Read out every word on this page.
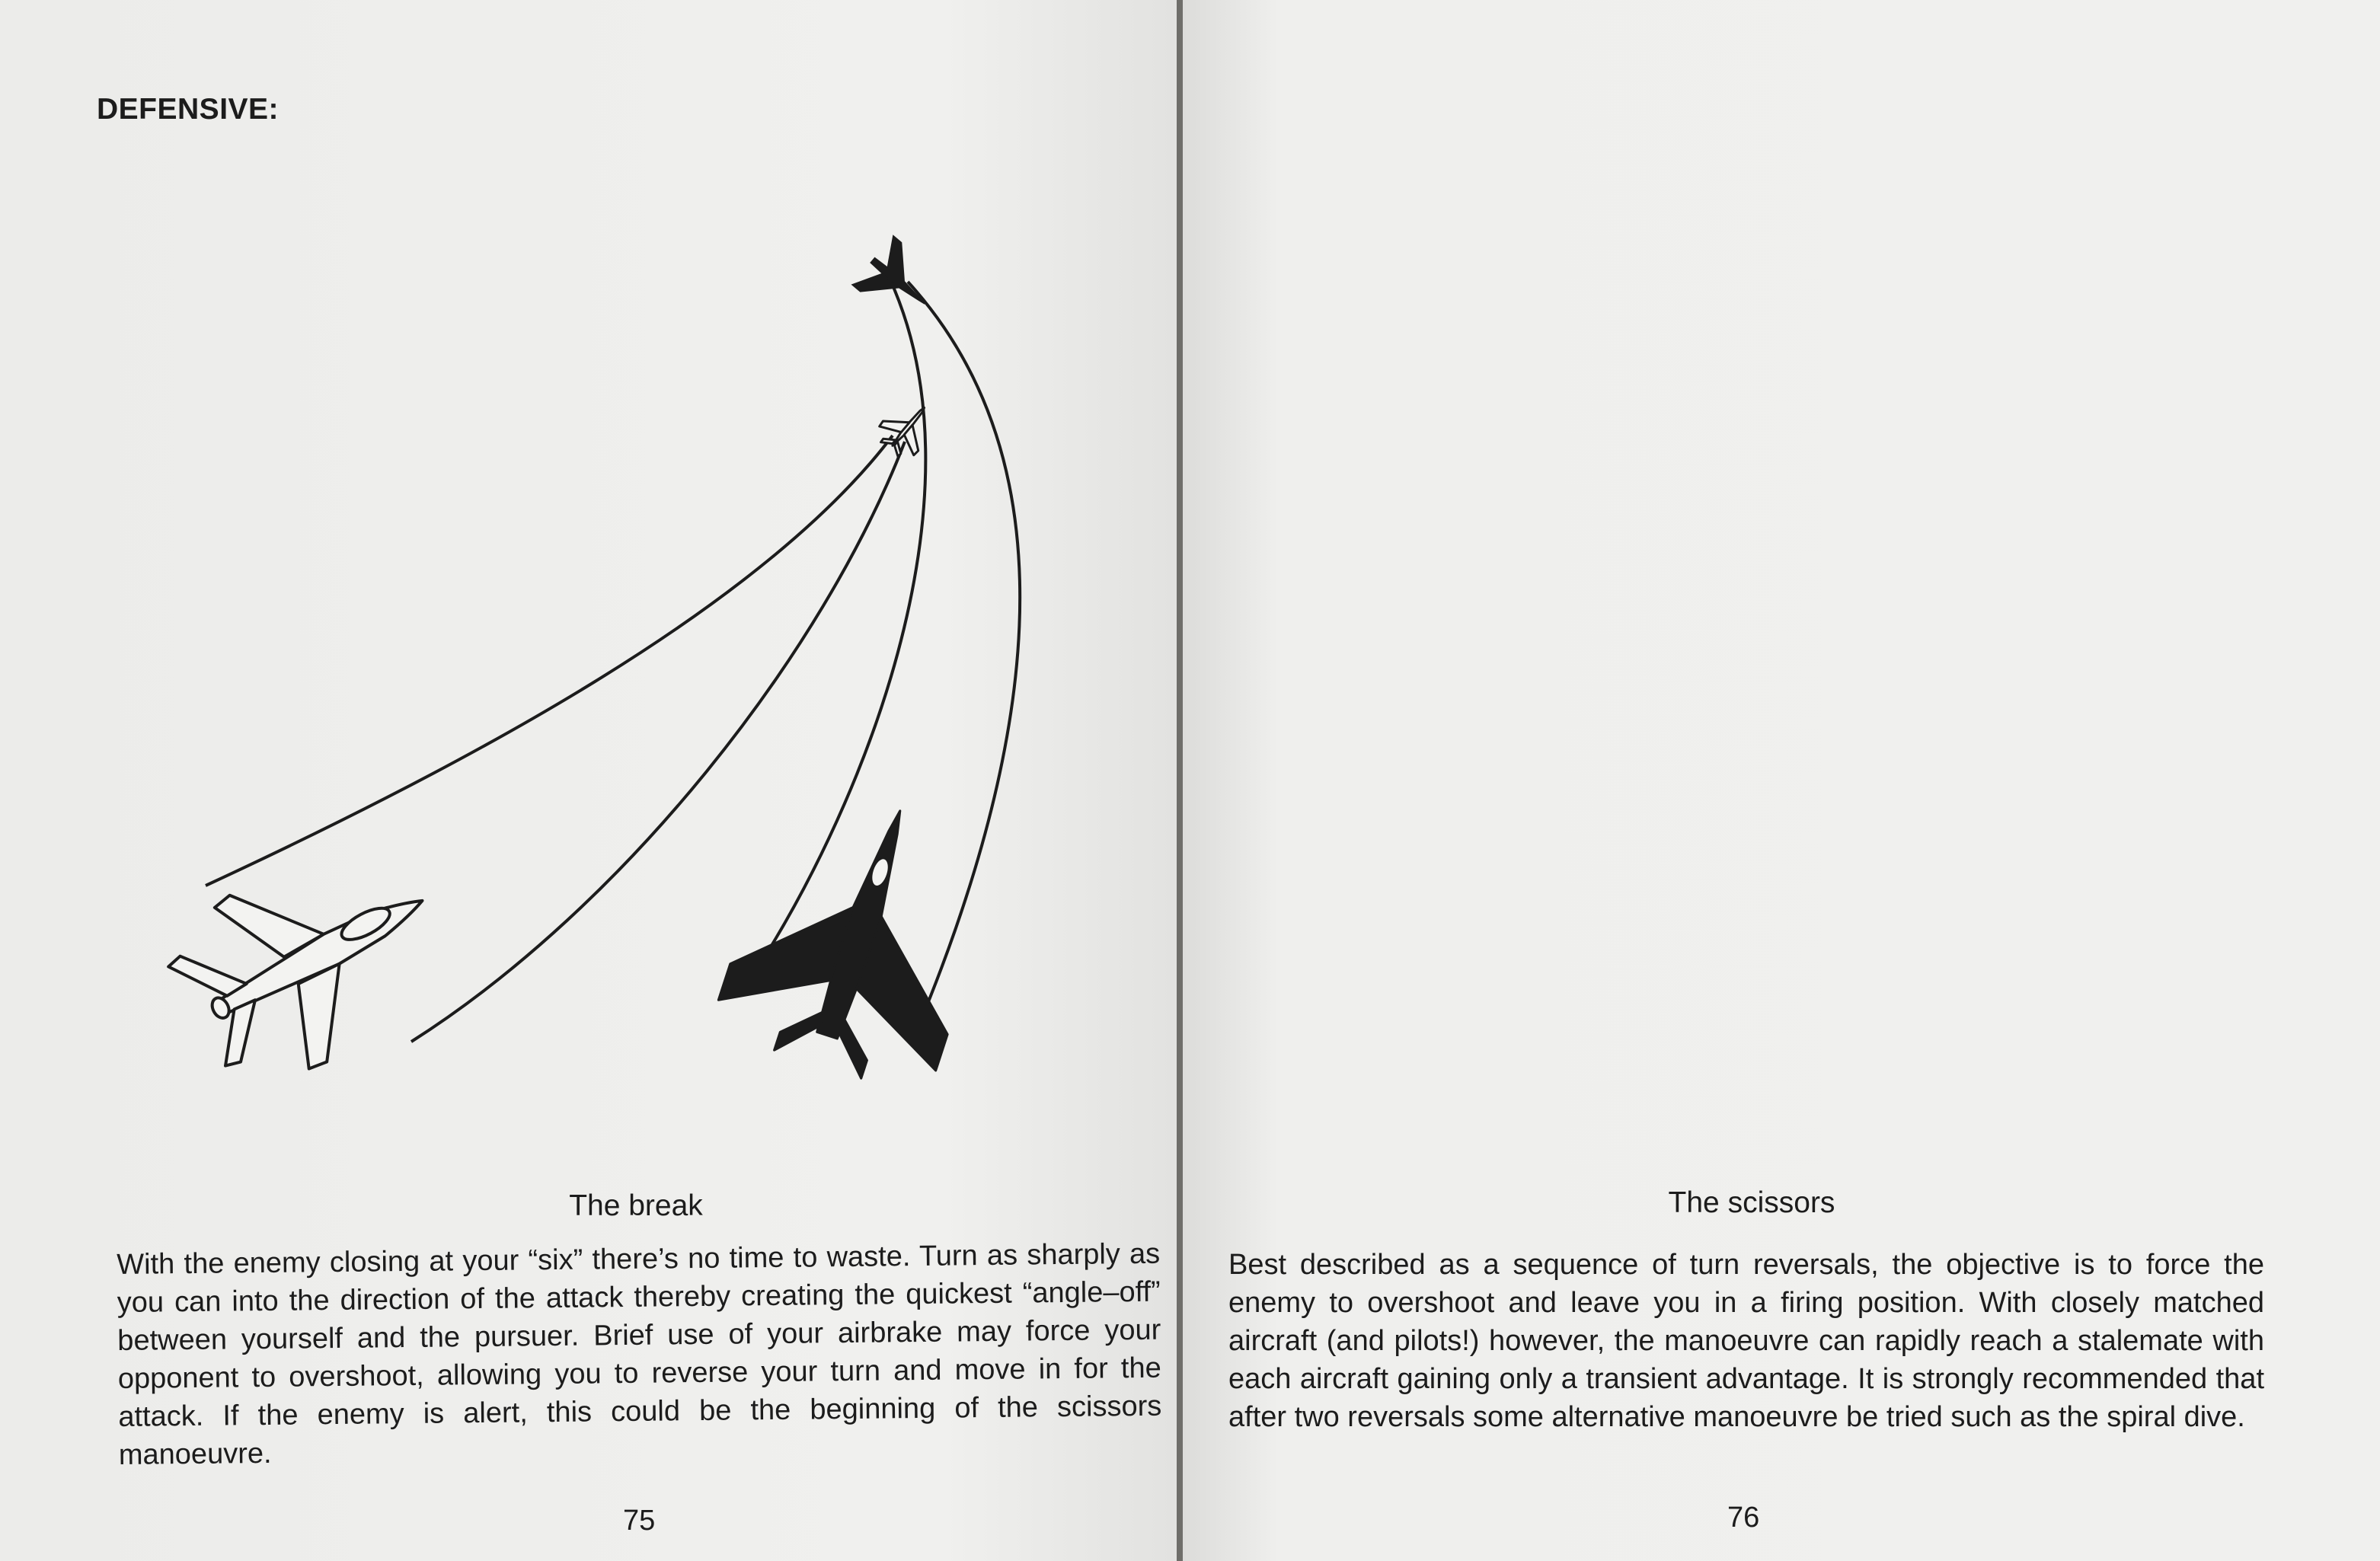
DEFENSIVE:
The break

With the enemy closing at your “six” there’s no time to waste. Turn as sharply as you can into the direction of the attack thereby creating the quickest “angle–off” between yourself and the pursuer. Brief use of your airbrake may force your opponent to overshoot, allowing you to reverse your turn and move in for the attack. If the enemy is alert, this could be the beginning of the scissors manoeuvre.

75
The scissors

Best described as a sequence of turn reversals, the objective is to force the enemy to overshoot and leave you in a firing position. With closely matched aircraft (and pilots!) however, the manoeuvre can rapidly reach a stalemate with each aircraft gaining only a transient advantage. It is strongly recommended that after two reversals some alternative manoeuvre be tried such as the spiral dive.

76
